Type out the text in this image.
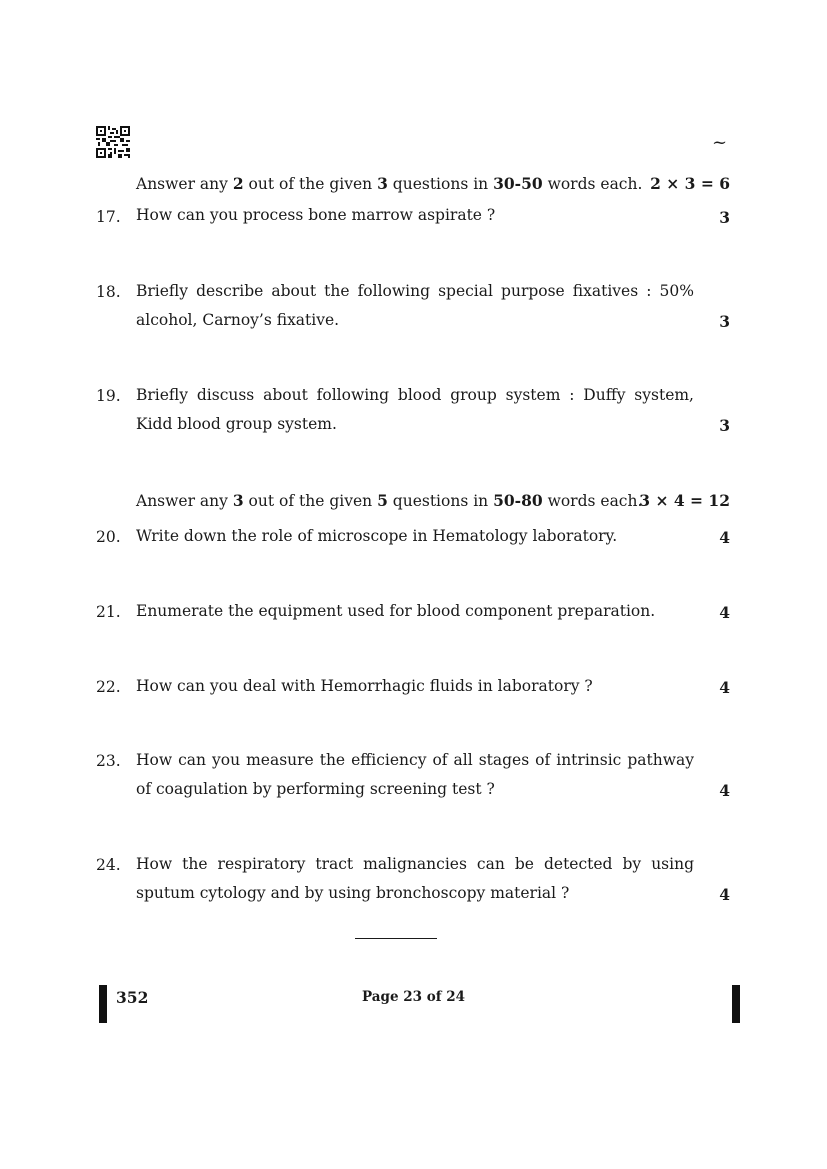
~
Answer any 2 out of the given 3 questions in 30-50 words each. 2 × 3 = 6
17. How can you process bone marrow aspirate ?	3
18. Briefly describe about the following special purpose fixatives : 50% alcohol, Carnoy’s fixative.	3
19. Briefly discuss about following blood group system : Duffy system, Kidd blood group system.	3
Answer any 3 out of the given 5 questions in 50-80 words each.
3 × 4 = 12
20. Write down the role of microscope in Hematology laboratory.	4
21. Enumerate the equipment used for blood component preparation.	4
22. How can you deal with Hemorrhagic fluids in laboratory ?	4
23. How can you measure the efficiency of all stages of intrinsic pathway of coagulation by performing screening test ?	4
24. How the respiratory tract malignancies can be detected by using sputum cytology and by using bronchoscopy material ?	4
352	Page 23 of 24
